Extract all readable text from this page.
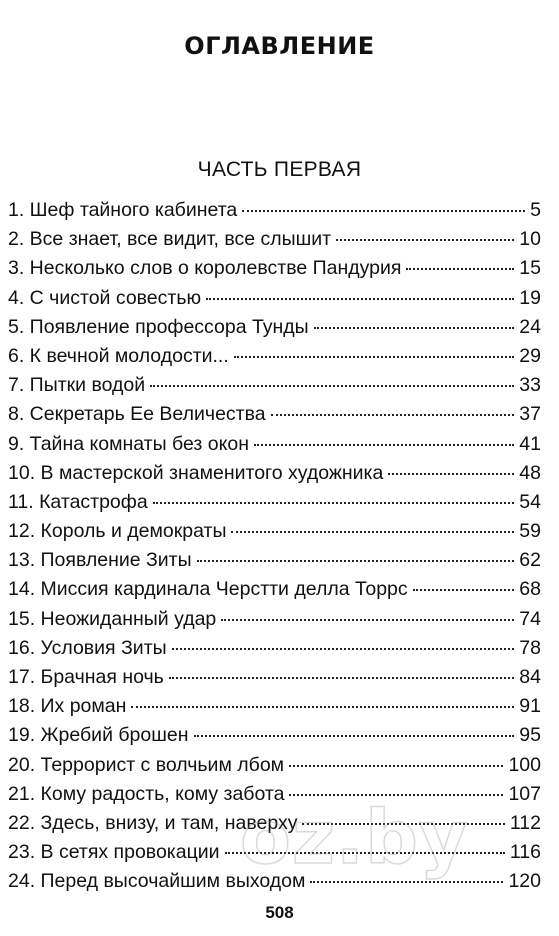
ОГЛАВЛЕНИЕ
ЧАСТЬ ПЕРВАЯ
1. Шеф тайного кабинета	5
2. Все знает, все видит, все слышит	10
3. Несколько слов о королевстве Пандурия	15
4. С чистой совестью	19
5. Появление профессора Тунды	24
6. К вечной молодости...	29
7. Пытки водой	33
8. Секретарь Ее Величества	37
9. Тайна комнаты без окон	41
10. В мастерской знаменитого художника	48
11. Катастрофа	54
12. Король и демократы	59
13. Появление Зиты	62
14. Миссия кардинала Черстти делла Торрс	68
15. Неожиданный удар	74
16. Условия Зиты	78
17. Брачная ночь	84
18. Их роман	91
19. Жребий брошен	95
20. Террорист с волчьим лбом	100
21. Кому радость, кому забота	107
22. Здесь, внизу, и там, наверху	112
23. В сетях провокации	116
24. Перед высочайшим выходом	120
oz.by
508
